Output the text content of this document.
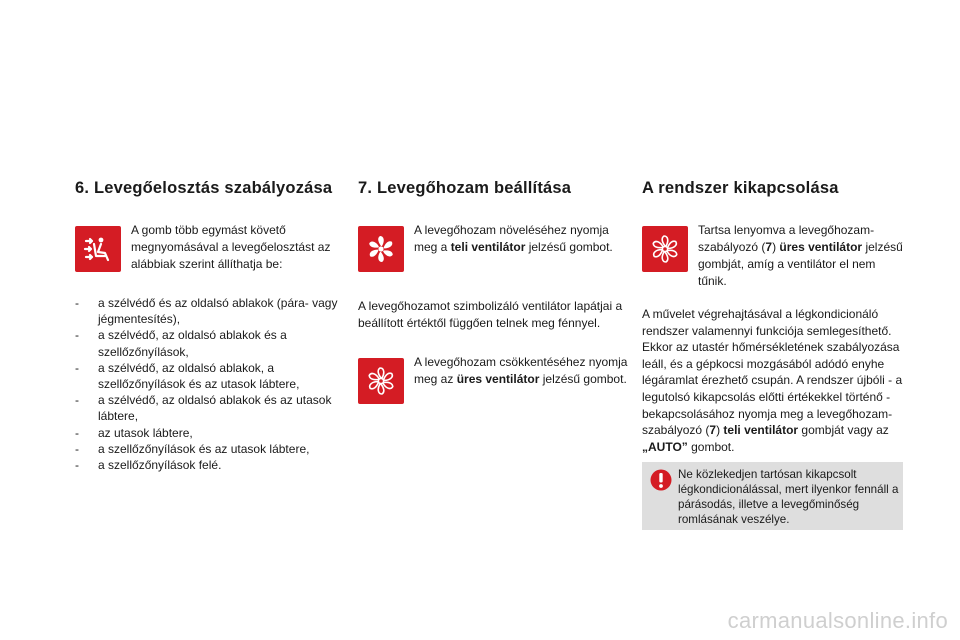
6. Levegőelosztás szabályozása
A gomb több egymást követő megnyomásával a levegőelosztást az alábbiak szerint állíthatja be:
- a szélvédő és az oldalsó ablakok (pára- vagy jégmentesítés),
- a szélvédő, az oldalsó ablakok és a szellőzőnyílások,
- a szélvédő, az oldalsó ablakok, a szellőzőnyílások és az utasok lábtere,
- a szélvédő, az oldalsó ablakok és az utasok lábtere,
- az utasok lábtere,
- a szellőzőnyílások és az utasok lábtere,
- a szellőzőnyílások felé.
7. Levegőhozam beállítása
A levegőhozam növeléséhez nyomja meg a teli ventilátor jelzésű gombot.

A levegőhozamot szimbolizáló ventilátor lapátjai a beállított értéktől függően telnek meg fénnyel.

A levegőhozam csökkentéséhez nyomja meg az üres ventilátor jelzésű gombot.
A rendszer kikapcsolása
Tartsa lenyomva a levegőhozam-szabályozó (7) üres ventilátor jelzésű gombját, amíg a ventilátor el nem tűnik.

A művelet végrehajtásával a légkondicionáló rendszer valamennyi funkciója semlegesíthető. Ekkor az utastér hőmérsékletének szabályozása leáll, és a gépkocsi mozgásából adódó enyhe légáramlat érezhető csupán. A rendszer újbóli - a legutolsó kikapcsolás előtti értékekkel történő - bekapcsolásához nyomja meg a levegőhozam-szabályozó (7) teli ventilátor gombját vagy az „AUTO” gombot.

Ne közlekedjen tartósan kikapcsolt légkondicionálással, mert ilyenkor fennáll a párásodás, illetve a levegőminőség romlásának veszélye.
carmanualsonline.info
